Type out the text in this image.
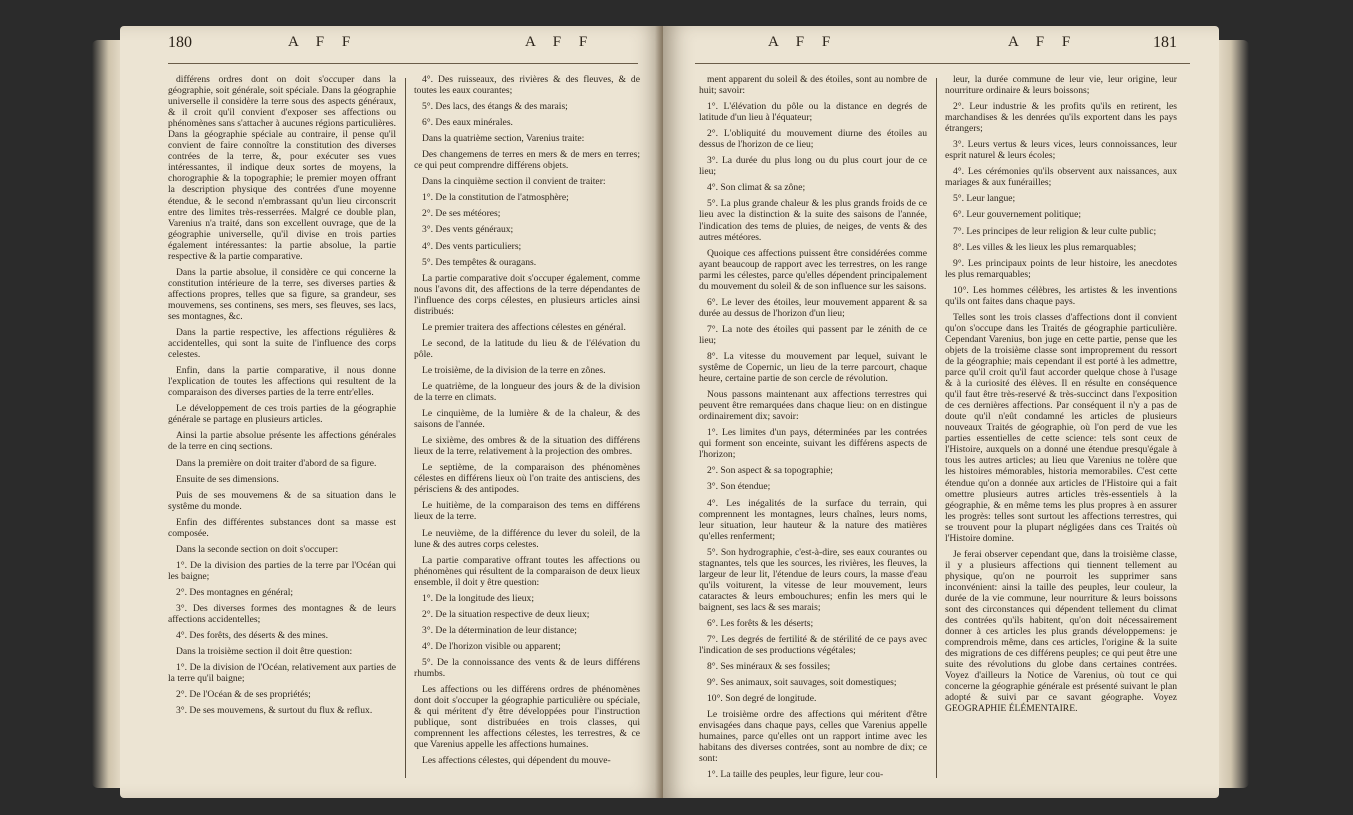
180	A F F	A F F

différens ordres dont on doit s'occuper dans la géographie, soit générale, soit spéciale. Dans la géographie universelle il considère la terre sous des aspects généraux, & il croit qu'il convient d'exposer ses affections ou phénomènes sans s'attacher à aucunes régions particulières. Dans la géographie spéciale au contraire, il pense qu'il convient de faire connoître la constitution des diverses contrées de la terre, &, pour exécuter ses vues intéressantes, il indique deux sortes de moyens, la chorographie & la topographie; le premier moyen offrant la description physique des contrées d'une moyenne étendue, & le second n'embrassant qu'un lieu circonscrit entre des limites très-resserrées. Malgré ce double plan, Varenius n'a traité, dans son excellent ouvrage, que de la géographie universelle, qu'il divise en trois parties également intéressantes: la partie absolue, la partie respective & la partie comparative.

Dans la partie absolue, il considère ce qui concerne la constitution intérieure de la terre, ses diverses parties & affections propres, telles que sa figure, sa grandeur, ses mouvemens, ses continens, ses mers, ses fleuves, ses lacs, ses montagnes, &c.

Dans la partie respective, les affections régulières & accidentelles, qui sont la suite de l'influence des corps celestes.

Enfin, dans la partie comparative, il nous donne l'explication de toutes les affections qui resultent de la comparaison des diverses parties de la terre entr'elles.

Le développement de ces trois parties de la géographie générale se partage en plusieurs articles.

Ainsi la partie absolue présente les affections générales de la terre en cinq sections.

Dans la première on doit traiter d'abord de sa figure.

Ensuite de ses dimensions.

Puis de ses mouvemens & de sa situation dans le systême du monde.

Enfin des différentes substances dont sa masse est composée.

Dans la seconde section on doit s'occuper:

1°. De la division des parties de la terre par l'Océan qui les baigne;

2°. Des montagnes en général;

3°. Des diverses formes des montagnes & de leurs affections accidentelles;

4°. Des forêts, des déserts & des mines.

Dans la troisième section il doit être question:

1°. De la division de l'Océan, relativement aux parties de la terre qu'il baigne;

2°. De l'Océan & de ses propriétés;

3°. De ses mouvemens, & surtout du flux & reflux.

4°. Des ruisseaux, des rivières & des fleuves, & de toutes les eaux courantes;

5°. Des lacs, des étangs & des marais;

6°. Des eaux minérales.

Dans la quatrième section, Varenius traite:

Des changemens de terres en mers & de mers en terres; ce qui peut comprendre différens objets.

Dans la cinquième section il convient de traiter:

1°. De la constitution de l'atmosphère;

2°. De ses météores;

3°. Des vents généraux;

4°. Des vents particuliers;

5°. Des tempêtes & ouragans.

La partie comparative doit s'occuper également, comme nous l'avons dit, des affections de la terre dépendantes de l'influence des corps célestes, en plusieurs articles ainsi distribués:

Le premier traitera des affections célestes en général.

Le second, de la latitude du lieu & de l'élévation du pôle.

Le troisième, de la division de la terre en zônes.

Le quatrième, de la longueur des jours & de la division de la terre en climats.

Le cinquième, de la lumière & de la chaleur, & des saisons de l'année.

Le sixième, des ombres & de la situation des différens lieux de la terre, relativement à la projection des ombres.

Le septième, de la comparaison des phénomènes célestes en différens lieux où l'on traite des antisciens, des périsciens & des antipodes.

Le huitième, de la comparaison des tems en différens lieux de la terre.

Le neuvième, de la différence du lever du soleil, de la lune & des autres corps celestes.

La partie comparative offrant toutes les affections ou phénomènes qui résultent de la comparaison de deux lieux ensemble, il doit y être question:

1°. De la longitude des lieux;

2°. De la situation respective de deux lieux;

3°. De la détermination de leur distance;

4°. De l'horizon visible ou apparent;

5°. De la connoissance des vents & de leurs différens rhumbs.

Les affections ou les différens ordres de phénomènes dont doit s'occuper la géographie particulière ou spéciale, & qui méritent d'y être développées pour l'instruction publique, sont distribuées en trois classes, qui comprennent les affections célestes, les terrestres, & ce que Varenius appelle les affections humaines.

Les affections célestes, qui dépendent du mouve-

A F F	A F F	181

ment apparent du soleil & des étoiles, sont au nombre de huit; savoir:

1°. L'élévation du pôle ou la distance en degrés de latitude d'un lieu à l'équateur;

2°. L'obliquité du mouvement diurne des étoiles au dessus de l'horizon de ce lieu;

3°. La durée du plus long ou du plus court jour de ce lieu;

4°. Son climat & sa zône;

5°. La plus grande chaleur & les plus grands froids de ce lieu avec la distinction & la suite des saisons de l'année, l'indication des tems de pluies, de neiges, de vents & des autres météores.

Quoique ces affections puissent être considérées comme ayant beaucoup de rapport avec les terrestres, on les range parmi les célestes, parce qu'elles dépendent principalement du mouvement du soleil & de son influence sur les saisons.

6°. Le lever des étoiles, leur mouvement apparent & sa durée au dessus de l'horizon d'un lieu;

7°. La note des étoiles qui passent par le zénith de ce lieu;

8°. La vitesse du mouvement par lequel, suivant le systême de Copernic, un lieu de la terre parcourt, chaque heure, certaine partie de son cercle de révolution.

Nous passons maintenant aux affections terrestres qui peuvent être remarquées dans chaque lieu: on en distingue ordinairement dix; savoir:

1°. Les limites d'un pays, déterminées par les contrées qui forment son enceinte, suivant les différens aspects de l'horizon;

2°. Son aspect & sa topographie;

3°. Son étendue;

4°. Les inégalités de la surface du terrain, qui comprennent les montagnes, leurs chaînes, leurs noms, leur situation, leur hauteur & la nature des matières qu'elles renferment;

5°. Son hydrographie, c'est-à-dire, ses eaux courantes ou stagnantes, tels que les sources, les rivières, les fleuves, la largeur de leur lit, l'étendue de leurs cours, la masse d'eau qu'ils voiturent, la vitesse de leur mouvement, leurs cataractes & leurs embouchures; enfin les mers qui le baignent, ses lacs & ses marais;

6°. Les forêts & les déserts;

7°. Les degrés de fertilité & de stérilité de ce pays avec l'indication de ses productions végétales;

8°. Ses minéraux & ses fossiles;

9°. Ses animaux, soit sauvages, soit domestiques;

10°. Son degré de longitude.

Le troisième ordre des affections qui méritent d'être envisagées dans chaque pays, celles que Varenius appelle humaines, parce qu'elles ont un rapport intime avec les habitans des diverses contrées, sont au nombre de dix; ce sont:

1°. La taille des peuples, leur figure, leur cou-

leur, la durée commune de leur vie, leur origine, leur nourriture ordinaire & leurs boissons;

2°. Leur industrie & les profits qu'ils en retirent, les marchandises & les denrées qu'ils exportent dans les pays étrangers;

3°. Leurs vertus & leurs vices, leurs connoissances, leur esprit naturel & leurs écoles;

4°. Les cérémonies qu'ils observent aux naissances, aux mariages & aux funérailles;

5°. Leur langue;

6°. Leur gouvernement politique;

7°. Les principes de leur religion & leur culte public;

8°. Les villes & les lieux les plus remarquables;

9°. Les principaux points de leur histoire, les anecdotes les plus remarquables;

10°. Les hommes célèbres, les artistes & les inventions qu'ils ont faites dans chaque pays.

Telles sont les trois classes d'affections dont il convient qu'on s'occupe dans les Traités de géographie particulière. Cependant Varenius, bon juge en cette partie, pense que les objets de la troisième classe sont improprement du ressort de la géographie; mais cependant il est porté à les admettre, parce qu'il croit qu'il faut accorder quelque chose à l'usage & à la curiosité des élèves. Il en résulte en conséquence qu'il faut être très-reservé & très-succinct dans l'exposition de ces dernières affections. Par conséquent il n'y a pas de doute qu'il n'eût condamné les articles de plusieurs nouveaux Traités de géographie, où l'on perd de vue les parties essentielles de cette science: tels sont ceux de l'Histoire, auxquels on a donné une étendue presqu'égale à tous les autres articles; au lieu que Varenius ne tolère que les histoires mémorables, historia memorabiles. C'est cette étendue qu'on a donnée aux articles de l'Histoire qui a fait omettre plusieurs autres articles très-essentiels à la géographie, & en même tems les plus propres à en assurer les progrès: telles sont surtout les affections terrestres, qui se trouvent pour la plupart négligées dans ces Traités où l'Histoire domine.

Je ferai observer cependant que, dans la troisième classe, il y a plusieurs affections qui tiennent tellement au physique, qu'on ne pourroit les supprimer sans inconvénient: ainsi la taille des peuples, leur couleur, la durée de la vie commune, leur nourriture & leurs boissons sont des circonstances qui dépendent tellement du climat des contrées qu'ils habitent, qu'on doit nécessairement donner à ces articles les plus grands développemens: je comprendrois même, dans ces articles, l'origine & la suite des migrations de ces différens peuples; ce qui peut être une suite des révolutions du globe dans certaines contrées. Voyez d'ailleurs la Notice de Varenius, où tout ce qui concerne la géographie générale est présenté suivant le plan adopté & suivi par ce savant géographe. Voyez GEOGRAPHIE ÉLÉMENTAIRE.
